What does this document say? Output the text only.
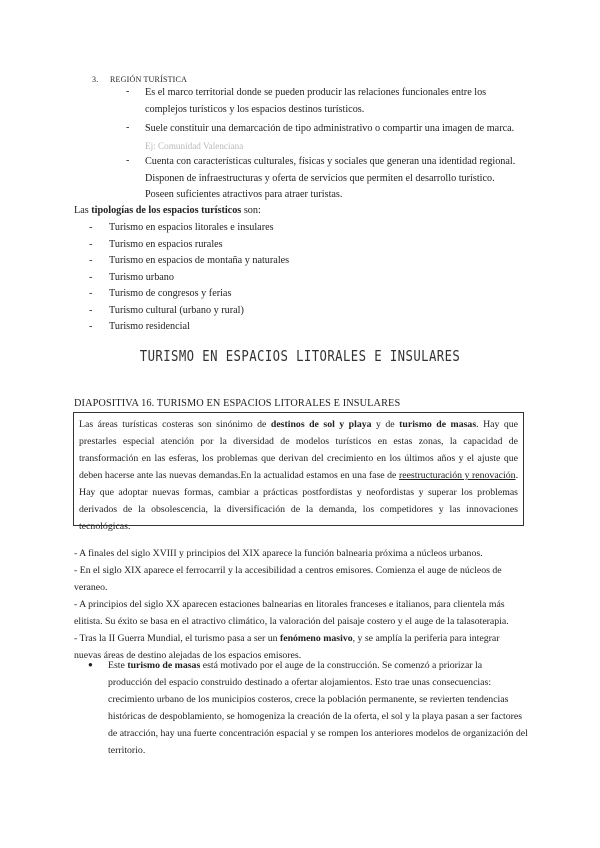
3. REGIÓN TURÍSTICA
- Es el marco territorial donde se pueden producir las relaciones funcionales entre los
complejos turísticos y los espacios destinos turísticos.
- Suele constituir una demarcación de tipo administrativo o compartir una imagen de marca.
Ej: Comunidad Valenciana
- Cuenta con características culturales, físicas y sociales que generan una identidad regional.
Disponen de infraestructuras y oferta de servicios que permiten el desarrollo turístico.
Poseen suficientes atractivos para atraer turistas.
Las tipologías de los espacios turísticos son:
- Turismo en espacios litorales e insulares
- Turismo en espacios rurales
- Turismo en espacios de montaña y naturales
- Turismo urbano
- Turismo de congresos y ferias
- Turismo cultural (urbano y rural)
- Turismo residencial
TURISMO EN ESPACIOS LITORALES E INSULARES
DIAPOSITIVA 16. TURISMO EN ESPACIOS LITORALES E INSULARES

Las áreas turísticas costeras son sinónimo de destinos de sol y playa y de turismo de masas. Hay que prestarles especial atención por la diversidad de modelos turísticos en estas zonas, la capacidad de transformación en las esferas, los problemas que derivan del crecimiento en los últimos años y el ajuste que deben hacerse ante las nuevas demandas.En la actualidad estamos en una fase de reestructuración y renovación. Hay que adoptar nuevas formas, cambiar a prácticas postfordistas y neofordistas y superar los problemas derivados de la obsolescencia, la diversificación de la demanda, los competidores y las innovaciones tecnológicas.

- A finales del siglo XVIII y principios del XIX aparece la función balnearia próxima a núcleos urbanos.

- En el siglo XIX aparece el ferrocarril y la accesibilidad a centros emisores. Comienza el auge de núcleos de veraneo.

- A principios del siglo XX aparecen estaciones balnearias en litorales franceses e italianos, para clientela más elitista. Su éxito se basa en el atractivo climático, la valoración del paisaje costero y el auge de la talasoterapia.

- Tras la II Guerra Mundial, el turismo pasa a ser un fenómeno masivo, y se amplía la periferia para integrar nuevas áreas de destino alejadas de los espacios emisores.

● Este turismo de masas está motivado por el auge de la construcción. Se comenzó a priorizar la producción del espacio construido destinado a ofertar alojamientos. Esto trae unas consecuencias: crecimiento urbano de los municipios costeros, crece la población permanente, se revierten tendencias históricas de despoblamiento, se homogeniza la creación de la oferta, el sol y la playa pasan a ser factores de atracción, hay una fuerte concentración espacial y se rompen los anteriores modelos de organización del territorio.
